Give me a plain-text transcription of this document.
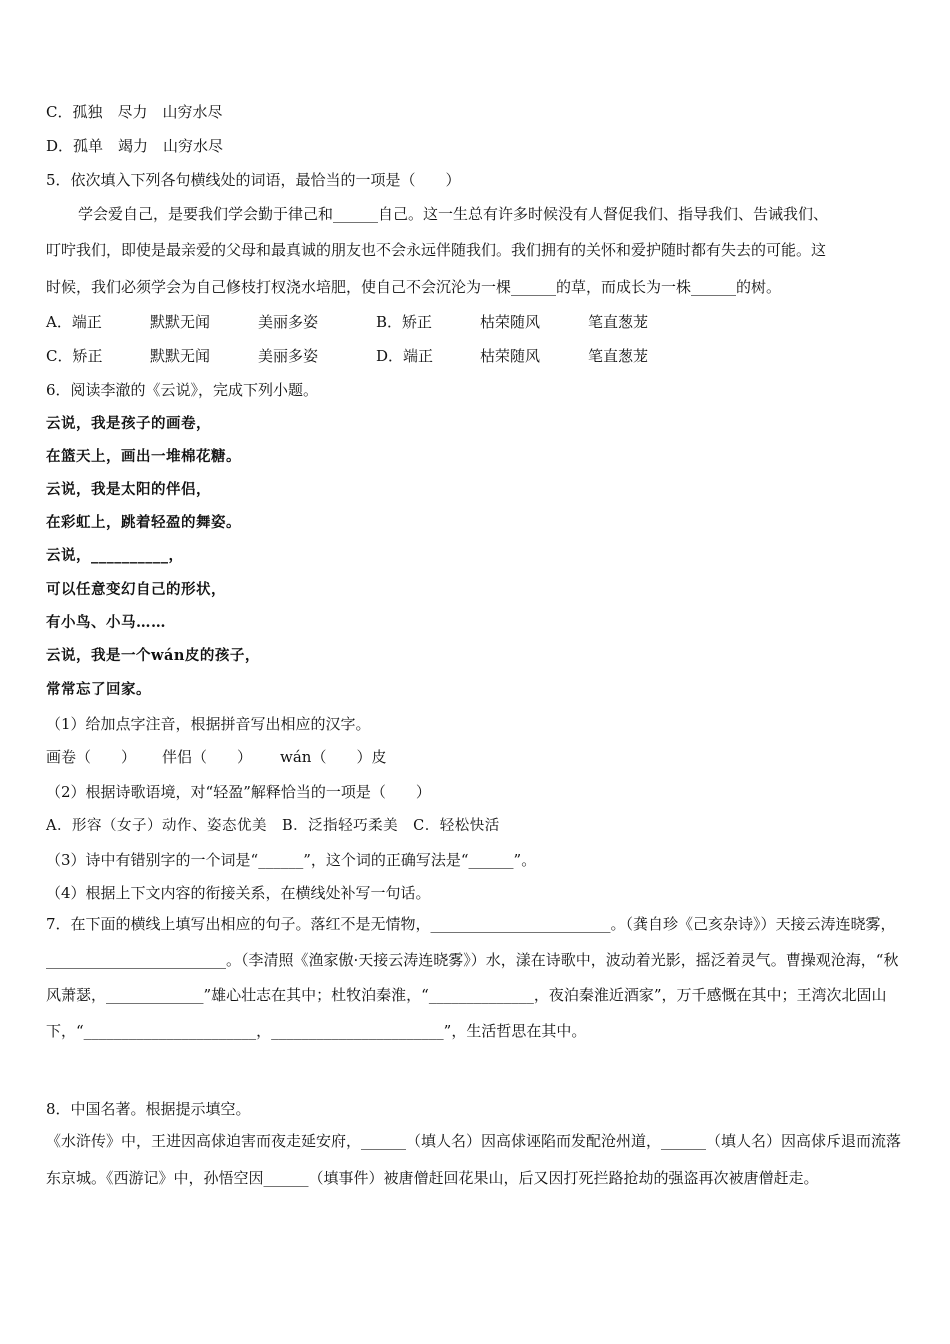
C．孤独　尽力　山穷水尽
D．孤单　竭力　山穷水尽
5．依次填入下列各句横线处的词语，最恰当的一项是（　　）
学会爱自己，是要我们学会勤于律己和______自己。这一生总有许多时候没有人督促我们、指导我们、告诫我们、
叮咛我们，即使是最亲爱的父母和最真诚的朋友也不会永远伴随我们。我们拥有的关怀和爱护随时都有失去的可能。这
时候，我们必须学会为自己修枝打杈浇水培肥，使自己不会沉沦为一棵______的草，而成长为一株______的树。
A．端正	默默无闻	美丽多姿	B．矫正	枯荣随风	笔直葱茏
C．矫正	默默无闻	美丽多姿	D．端正	枯荣随风	笔直葱茏
6．阅读李澈的《云说》，完成下列小题。
云说，我是孩子的画卷，
在篮天上，画出一堆棉花糖。
云说，我是太阳的伴侣，
在彩虹上，跳着轻盈的舞姿。
云说，__________，
可以任意变幻自己的形状，
有小鸟、小马……
云说，我是一个wán皮的孩子，
常常忘了回家。
（1）给加点字注音，根据拼音写出相应的汉字。
画卷（　　） 伴侣（　　） wán（　　）皮
（2）根据诗歌语境，对“轻盈”解释恰当的一项是（　　）
A．形容（女子）动作、姿态优美　B．泛指轻巧柔美　C．轻松快活
（3）诗中有错别字的一个词是“______”，这个词的正确写法是“______”。
（4）根据上下文内容的衔接关系，在横线处补写一句话。
7．在下面的横线上填写出相应的句子。落红不是无情物，________________________。（龚自珍《己亥杂诗》）天接云涛连晓雾，________________________。（李清照《渔家傲·天接云涛连晓雾》）水，漾在诗歌中，波动着光影，摇泛着灵气。曹操观沧海，“秋风萧瑟，_____________”雄心壮志在其中；杜牧泊秦淮，“______________，夜泊秦淮近酒家”，万千感慨在其中；王湾次北固山下，“_______________________，_______________________”，生活哲思在其中。
8．中国名著。根据提示填空。
《水浒传》中，王进因高俅迫害而夜走延安府，______（填人名）因高俅诬陷而发配沧州道，______（填人名）因高俅斥退而流落东京城。《西游记》中，孙悟空因______（填事件）被唐僧赶回花果山，后又因打死拦路抢劫的强盗再次被唐僧赶走。
